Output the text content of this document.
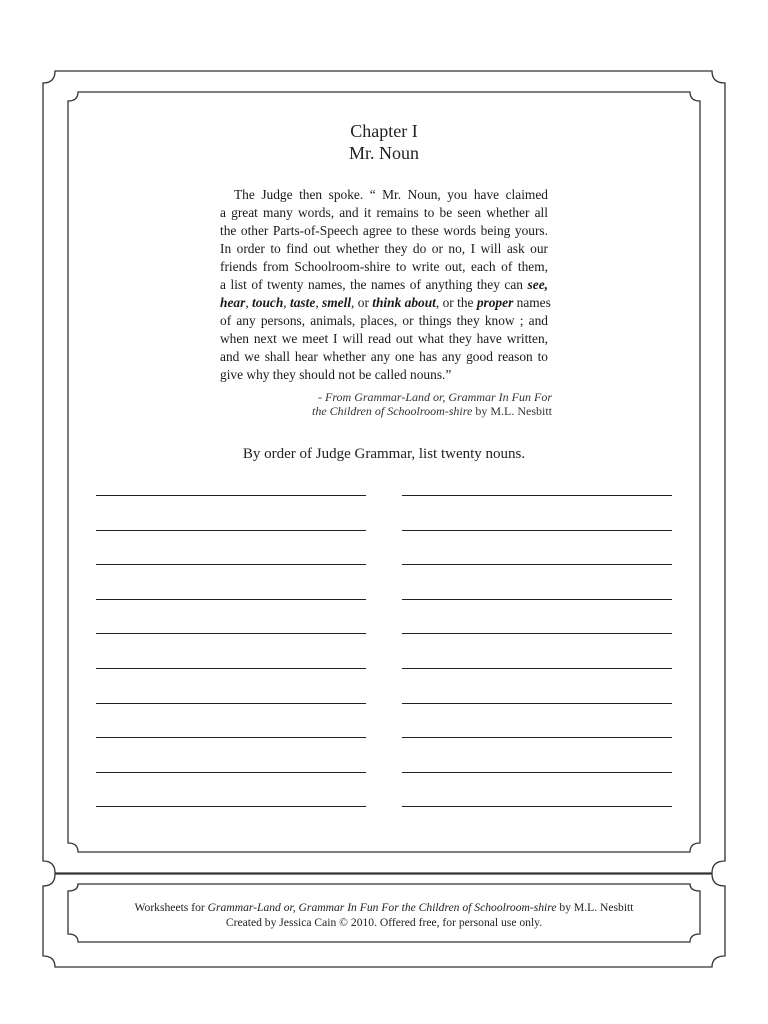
Chapter I
Mr. Noun
The Judge then spoke. “ Mr. Noun, you have claimed
a great many words, and it remains to be seen whether all
the other Parts-of-Speech agree to these words being yours.
In order to find out whether they do or no, I will ask our
friends from Schoolroom-shire to write out, each of them,
a list of twenty names, the names of anything they can see,
hear, touch, taste, smell, or think about, or the proper names
of any persons, animals, places, or things they know ; and
when next we meet I will read out what they have written,
and we shall hear whether any one has any good reason to
give why they should not be called nouns.”
- From Grammar-Land or, Grammar In Fun For
the Children of Schoolroom-shire by M.L. Nesbitt
By order of Judge Grammar, list twenty nouns.
Worksheets for Grammar-Land or, Grammar In Fun For the Children of Schoolroom-shire by M.L. Nesbitt
Created by Jessica Cain © 2010. Offered free, for personal use only.
